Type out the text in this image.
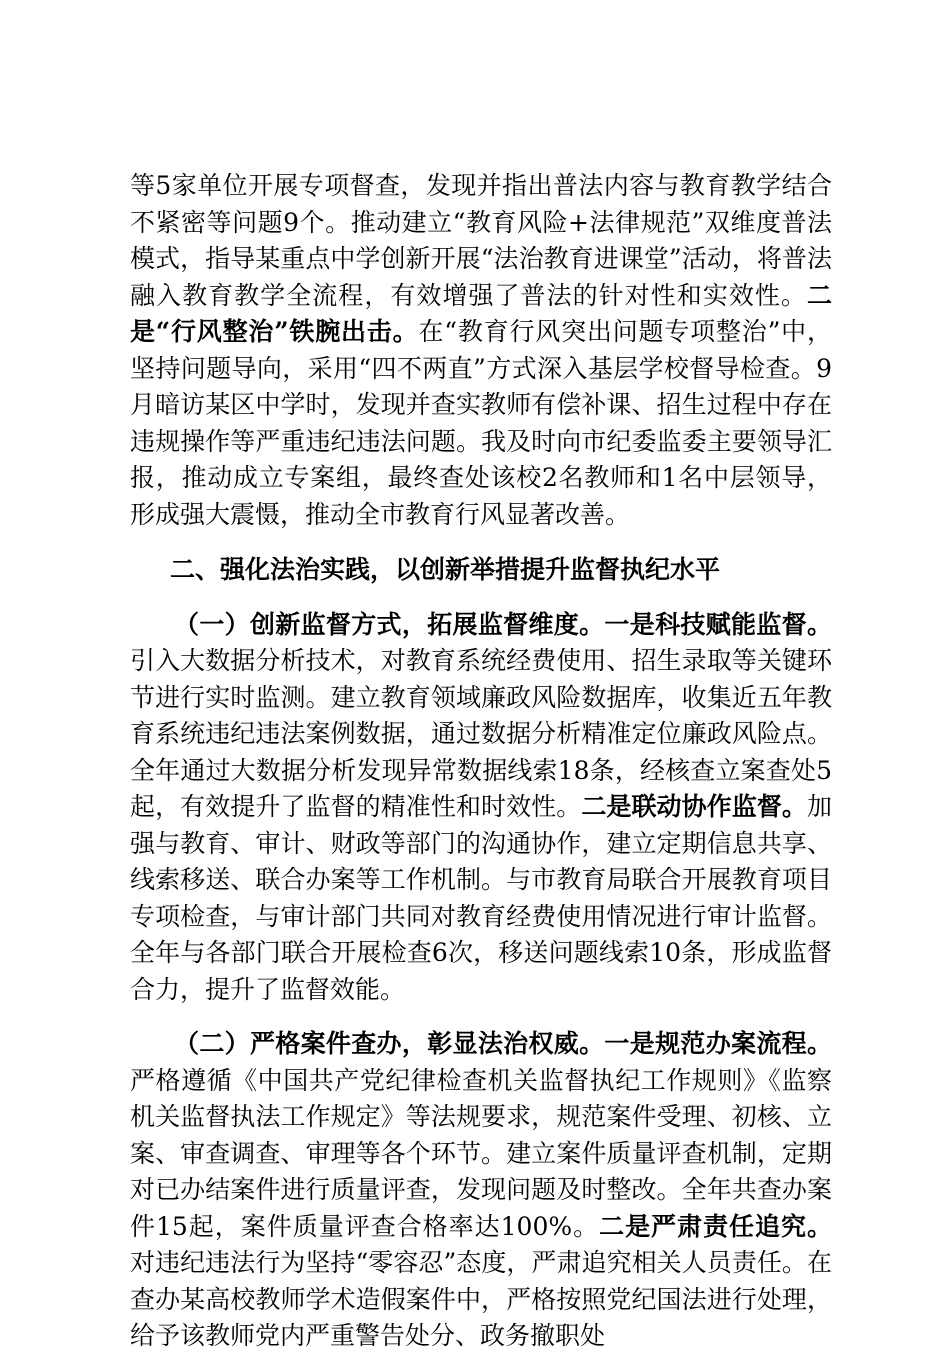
等5家单位开展专项督查，发现并指出普法内容与教育教学结合不紧密等问题9个。推动建立“教育风险+法律规范”双维度普法模式，指导某重点中学创新开展“法治教育进课堂”活动，将普法融入教育教学全流程，有效增强了普法的针对性和实效性。二是“行风整治”铁腕出击。在“教育行风突出问题专项整治”中，坚持问题导向，采用“四不两直”方式深入基层学校督导检查。9月暗访某区中学时，发现并查实教师有偿补课、招生过程中存在违规操作等严重违纪违法问题。我及时向市纪委监委主要领导汇报，推动成立专案组，最终查处该校2名教师和1名中层领导，形成强大震慑，推动全市教育行风显著改善。

二、强化法治实践，以创新举措提升监督执纪水平

（一）创新监督方式，拓展监督维度。一是科技赋能监督。引入大数据分析技术，对教育系统经费使用、招生录取等关键环节进行实时监测。建立教育领域廉政风险数据库，收集近五年教育系统违纪违法案例数据，通过数据分析精准定位廉政风险点。全年通过大数据分析发现异常数据线索18条，经核查立案查处5起，有效提升了监督的精准性和时效性。二是联动协作监督。加强与教育、审计、财政等部门的沟通协作，建立定期信息共享、线索移送、联合办案等工作机制。与市教育局联合开展教育项目专项检查，与审计部门共同对教育经费使用情况进行审计监督。全年与各部门联合开展检查6次，移送问题线索10条，形成监督合力，提升了监督效能。

（二）严格案件查办，彰显法治权威。一是规范办案流程。严格遵循《中国共产党纪律检查机关监督执纪工作规则》《监察机关监督执法工作规定》等法规要求，规范案件受理、初核、立案、审查调查、审理等各个环节。建立案件质量评查机制，定期对已办结案件进行质量评查，发现问题及时整改。全年共查办案件15起，案件质量评查合格率达100%。二是严肃责任追究。对违纪违法行为坚持“零容忍”态度，严肃追究相关人员责任。在查办某高校教师学术造假案件中，严格按照党纪国法进行处理，给予该教师党内严重警告处分、政务撤职处
